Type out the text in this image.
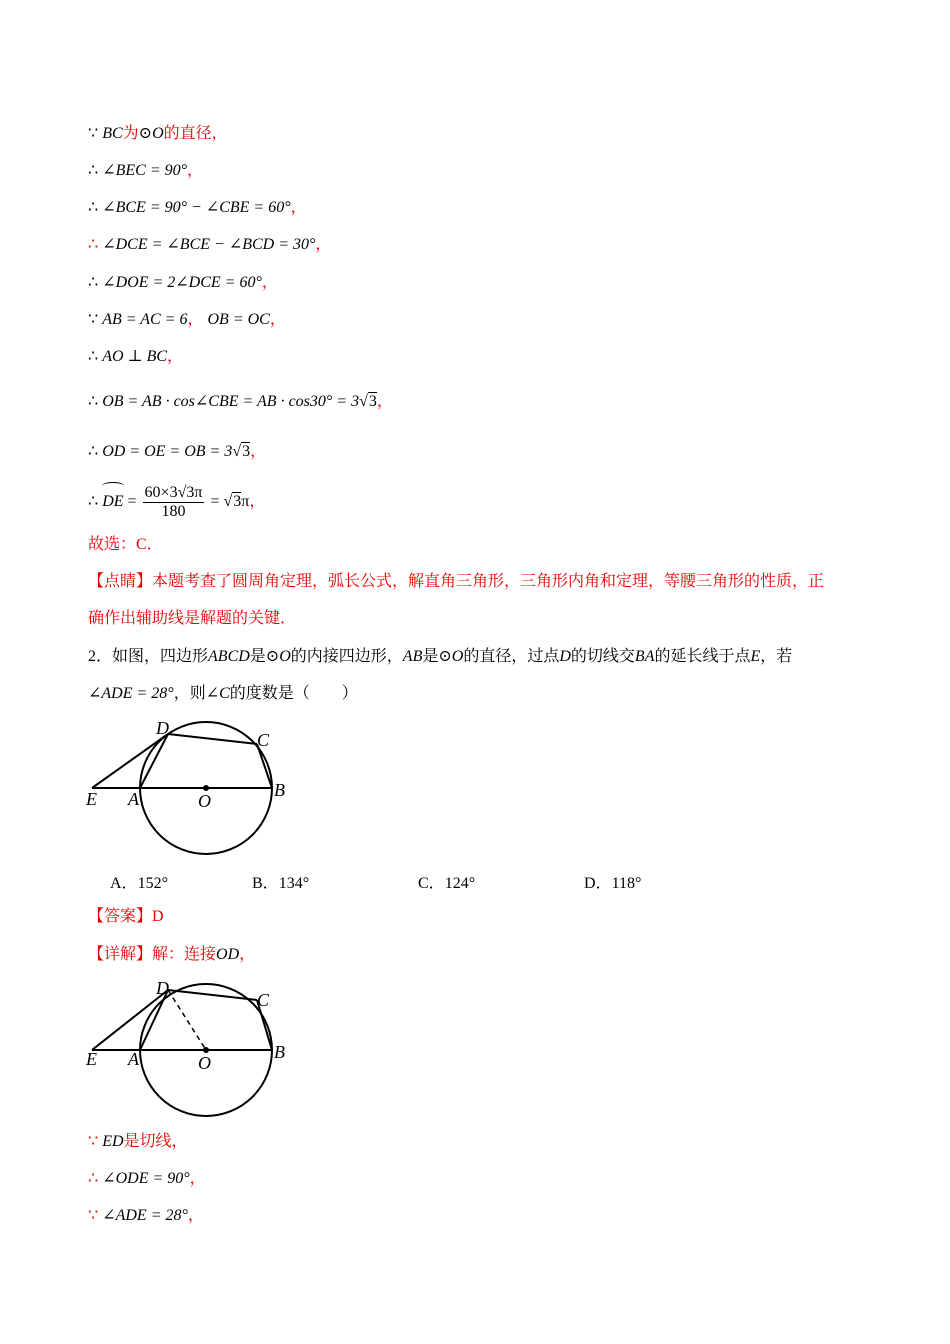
∵ BC为⊙O的直径，
∴ ∠BEC = 90°，
∴ ∠BCE = 90° − ∠CBE = 60°，
∴ ∠DCE = ∠BCE − ∠BCD = 30°，
∴ ∠DOE = 2∠DCE = 60°，
∵ AB = AC = 6， OB = OC，
∴ AO ⊥ BC，
∴ OB = AB · cos∠CBE = AB · cos30° = 3√3，
∴ OD = OE = OB = 3√3，
∴ DE = $\frac{60\times 3√3\pi}{180} = √3\pi$，
故选：C．
【点睛】本题考查了圆周角定理，弧长公式，解直角三角形，三角形内角和定理，等腰三角形的性质，正
确作出辅助线是解题的关键．
2．如图，四边形ABCD是⊙O的内接四边形，AB是⊙O的直径，过点D的切线交BA的延长线于点E，若
∠ADE = 28°，则∠C的度数是（　　）
D
C
E A	O
B
A．152°	B．134°	C．124°	D．118°
【答案】D
【详解】解：连接OD，
D
C
E A	O
B
∵ ED是切线，
∴ ∠ODE = 90°，
∵ ∠ADE = 28°，
